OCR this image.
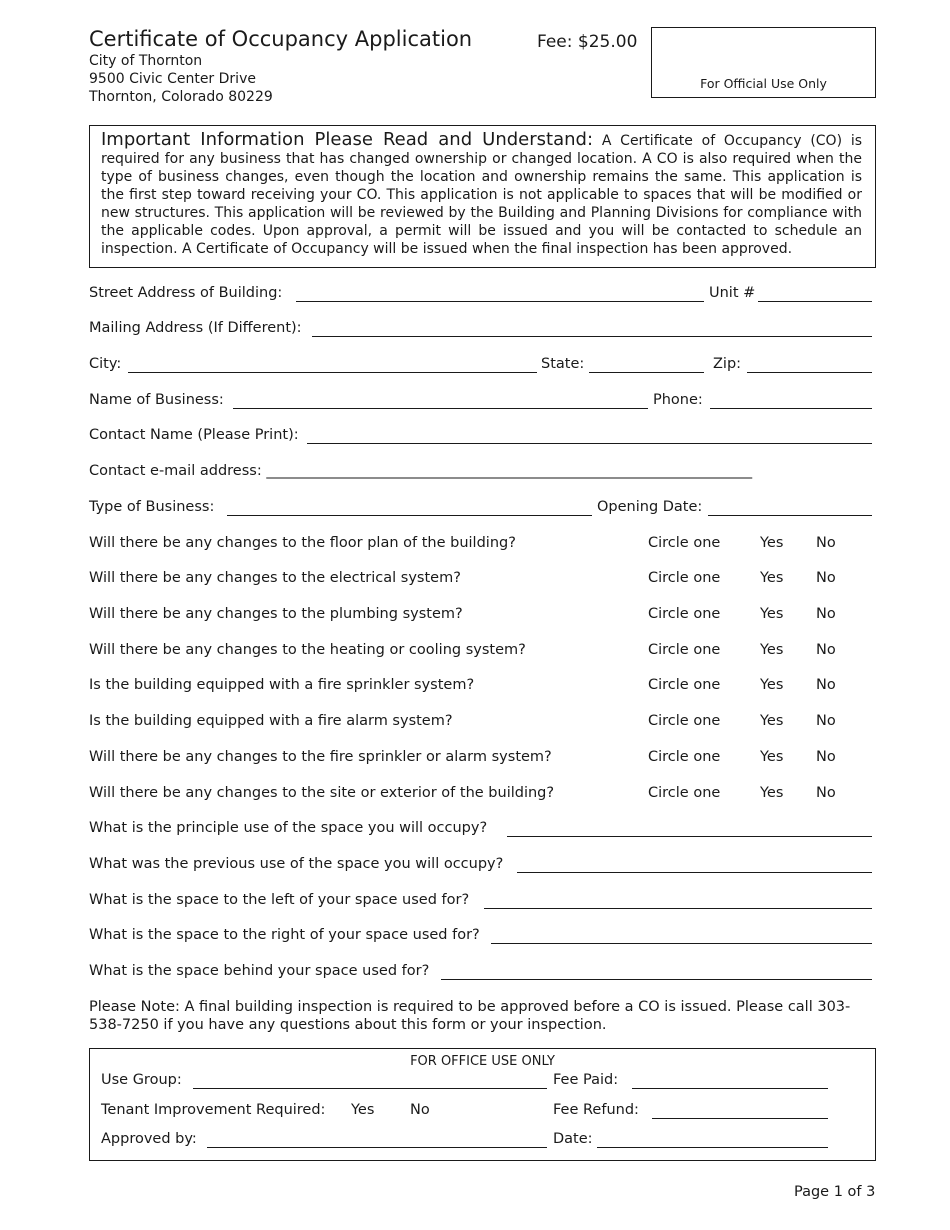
Certificate of Occupancy Application	Fee: $25.00
City of Thornton
9500 Civic Center Drive
Thornton, Colorado 80229
For Official Use Only
Important Information Please Read and Understand: A Certificate of Occupancy (CO) is required for any business that has changed ownership or changed location. A CO is also required when the type of business changes, even though the location and ownership remains the same. This application is the first step toward receiving your CO. This application is not applicable to spaces that will be modified or new structures. This application will be reviewed by the Building and Planning Divisions for compliance with the applicable codes. Upon approval, a permit will be issued and you will be contacted to schedule an inspection. A Certificate of Occupancy will be issued when the final inspection has been approved.
Street Address of Building:	Unit #
Mailing Address (If Different):
City:	State:	Zip:
Name of Business:	Phone:
Contact Name (Please Print):
Contact e-mail address: ___________________________________________________________________
Type of Business:	Opening Date:
Will there be any changes to the floor plan of the building?	Circle one	Yes No
Will there be any changes to the electrical system?	Circle one	Yes No
Will there be any changes to the plumbing system?	Circle one	Yes No
Will there be any changes to the heating or cooling system?	Circle one	Yes No
Is the building equipped with a fire sprinkler system?	Circle one	Yes No
Is the building equipped with a fire alarm system?	Circle one	Yes No
Will there be any changes to the fire sprinkler or alarm system?	Circle one	Yes No
Will there be any changes to the site or exterior of the building?	Circle one	Yes No
What is the principle use of the space you will occupy?
What was the previous use of the space you will occupy?
What is the space to the left of your space used for?
What is the space to the right of your space used for?
What is the space behind your space used for?
Please Note: A final building inspection is required to be approved before a CO is issued. Please call 303-538-7250 if you have any questions about this form or your inspection.
FOR OFFICE USE ONLY
Use Group:	Fee Paid:
Tenant Improvement Required: Yes No	Fee Refund:
Approved by:	Date:
Page 1 of 3
